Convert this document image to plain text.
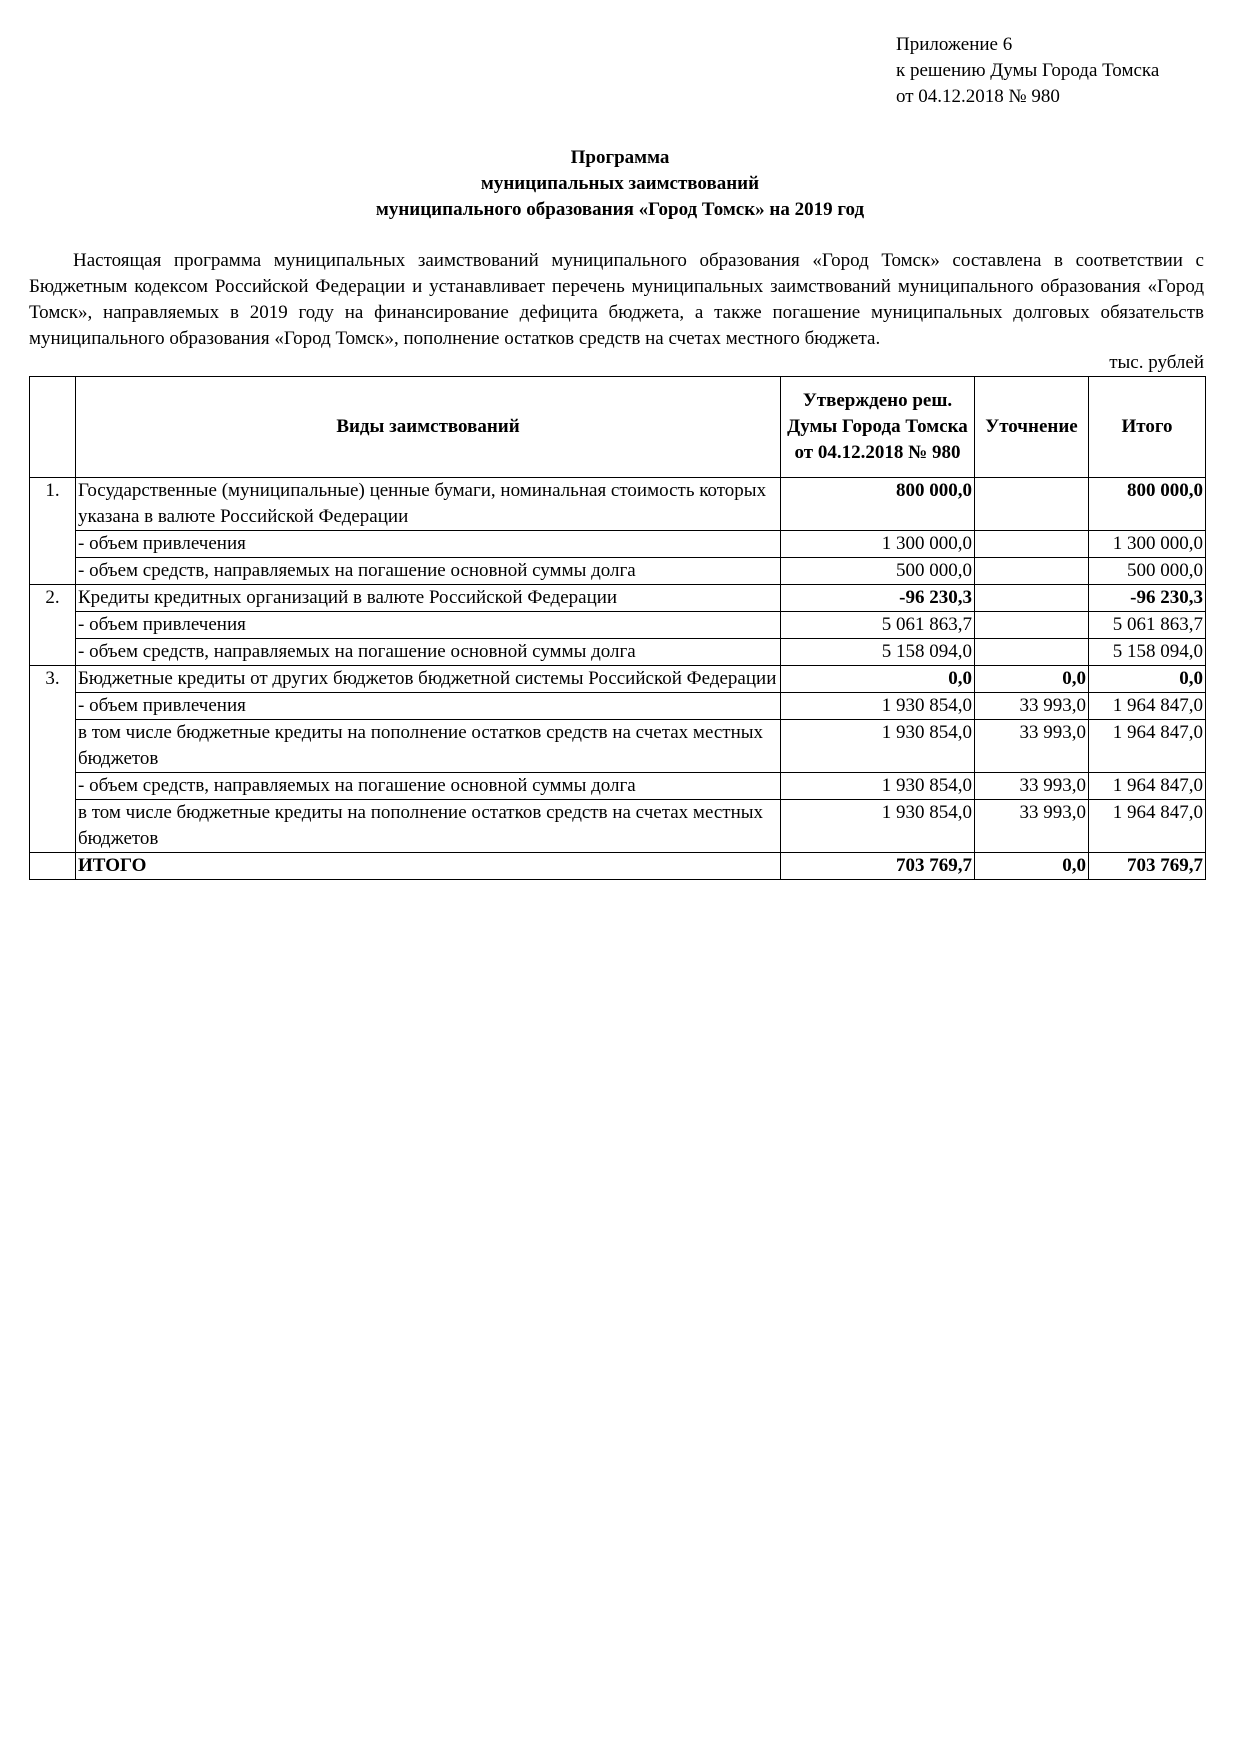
Приложение 6
к решению Думы Города Томска
от 04.12.2018 № 980
Программа
муниципальных заимствований
муниципального образования «Город Томск» на 2019 год

Настоящая программа муниципальных заимствований муниципального образования «Город Томск» составлена в соответствии с Бюджетным кодексом Российской Федерации и устанавливает перечень муниципальных заимствований муниципального образования «Город Томск», направляемых в 2019 году на финансирование дефицита бюджета, а также погашение муниципальных долговых обязательств муниципального образования «Город Томск», пополнение остатков средств на счетах местного бюджета.

тыс. рублей
	Виды заимствований	Утверждено реш. Думы Города Томска от 04.12.2018 № 980	Уточнение	Итого
1.	Государственные (муниципальные) ценные бумаги, номинальная стоимость которых указана в валюте Российской Федерации	800 000,0		800 000,0
	- объем привлечения	1 300 000,0		1 300 000,0
	- объем средств, направляемых на погашение основной суммы долга	500 000,0		500 000,0
2.	Кредиты кредитных организаций в валюте Российской Федерации	-96 230,3		-96 230,3
	- объем привлечения	5 061 863,7		5 061 863,7
	- объем средств, направляемых на погашение основной суммы долга	5 158 094,0		5 158 094,0
3.	Бюджетные кредиты от других бюджетов бюджетной системы Российской Федерации	0,0	0,0	0,0
	- объем привлечения	1 930 854,0	33 993,0	1 964 847,0
	в том числе бюджетные кредиты на пополнение остатков средств на счетах местных бюджетов	1 930 854,0	33 993,0	1 964 847,0
	- объем средств, направляемых на погашение основной суммы долга	1 930 854,0	33 993,0	1 964 847,0
	в том числе бюджетные кредиты на пополнение остатков средств на счетах местных бюджетов	1 930 854,0	33 993,0	1 964 847,0
	ИТОГО	703 769,7	0,0	703 769,7
